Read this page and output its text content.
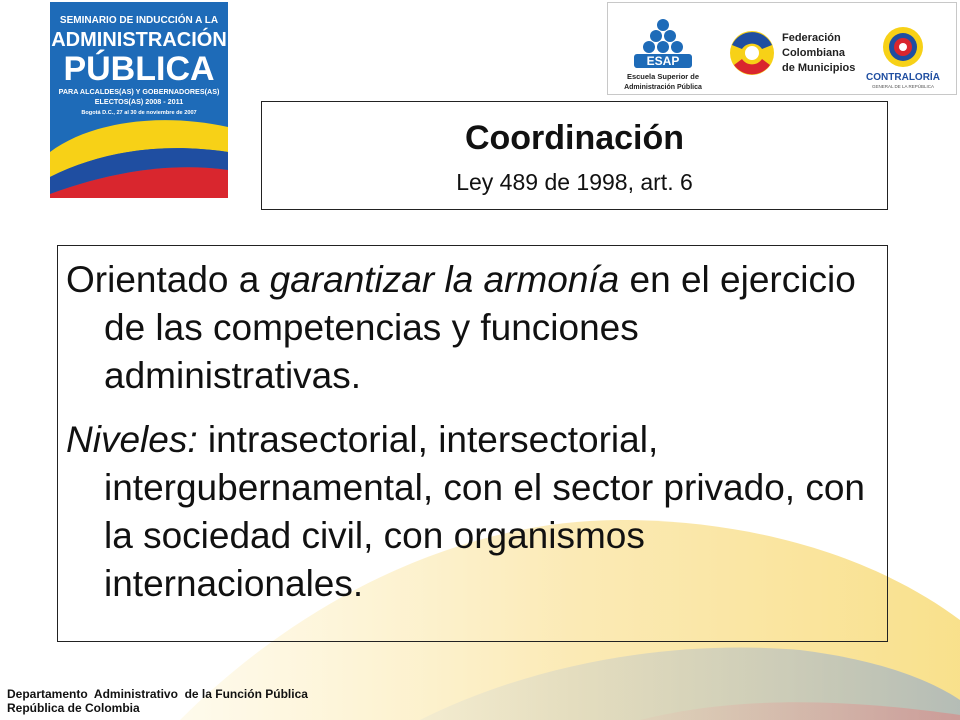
SEMINARIO DE INDUCCIÓN A LA
ADMINISTRACIÓN
PÚBLICA
PARA ALCALDES(AS) Y GOBERNADORES(AS)
ELECTOS(AS) 2008 - 2011
Bogotá D.C., 27 al 30 de noviembre de 2007
ESAP
Escuela Superior de
Administración Pública
Federación
Colombiana
de Municipios
CONTRALORÍA
GENERAL DE LA REPÚBLICA
Coordinación
Ley 489 de 1998, art. 6

Orientado a garantizar la armonía en el ejercicio de las competencias y funciones administrativas.

Niveles: intrasectorial, intersectorial, intergubernamental, con el sector privado, con la sociedad civil, con organismos internacionales.

Departamento  Administrativo  de la Función Pública
República de Colombia
